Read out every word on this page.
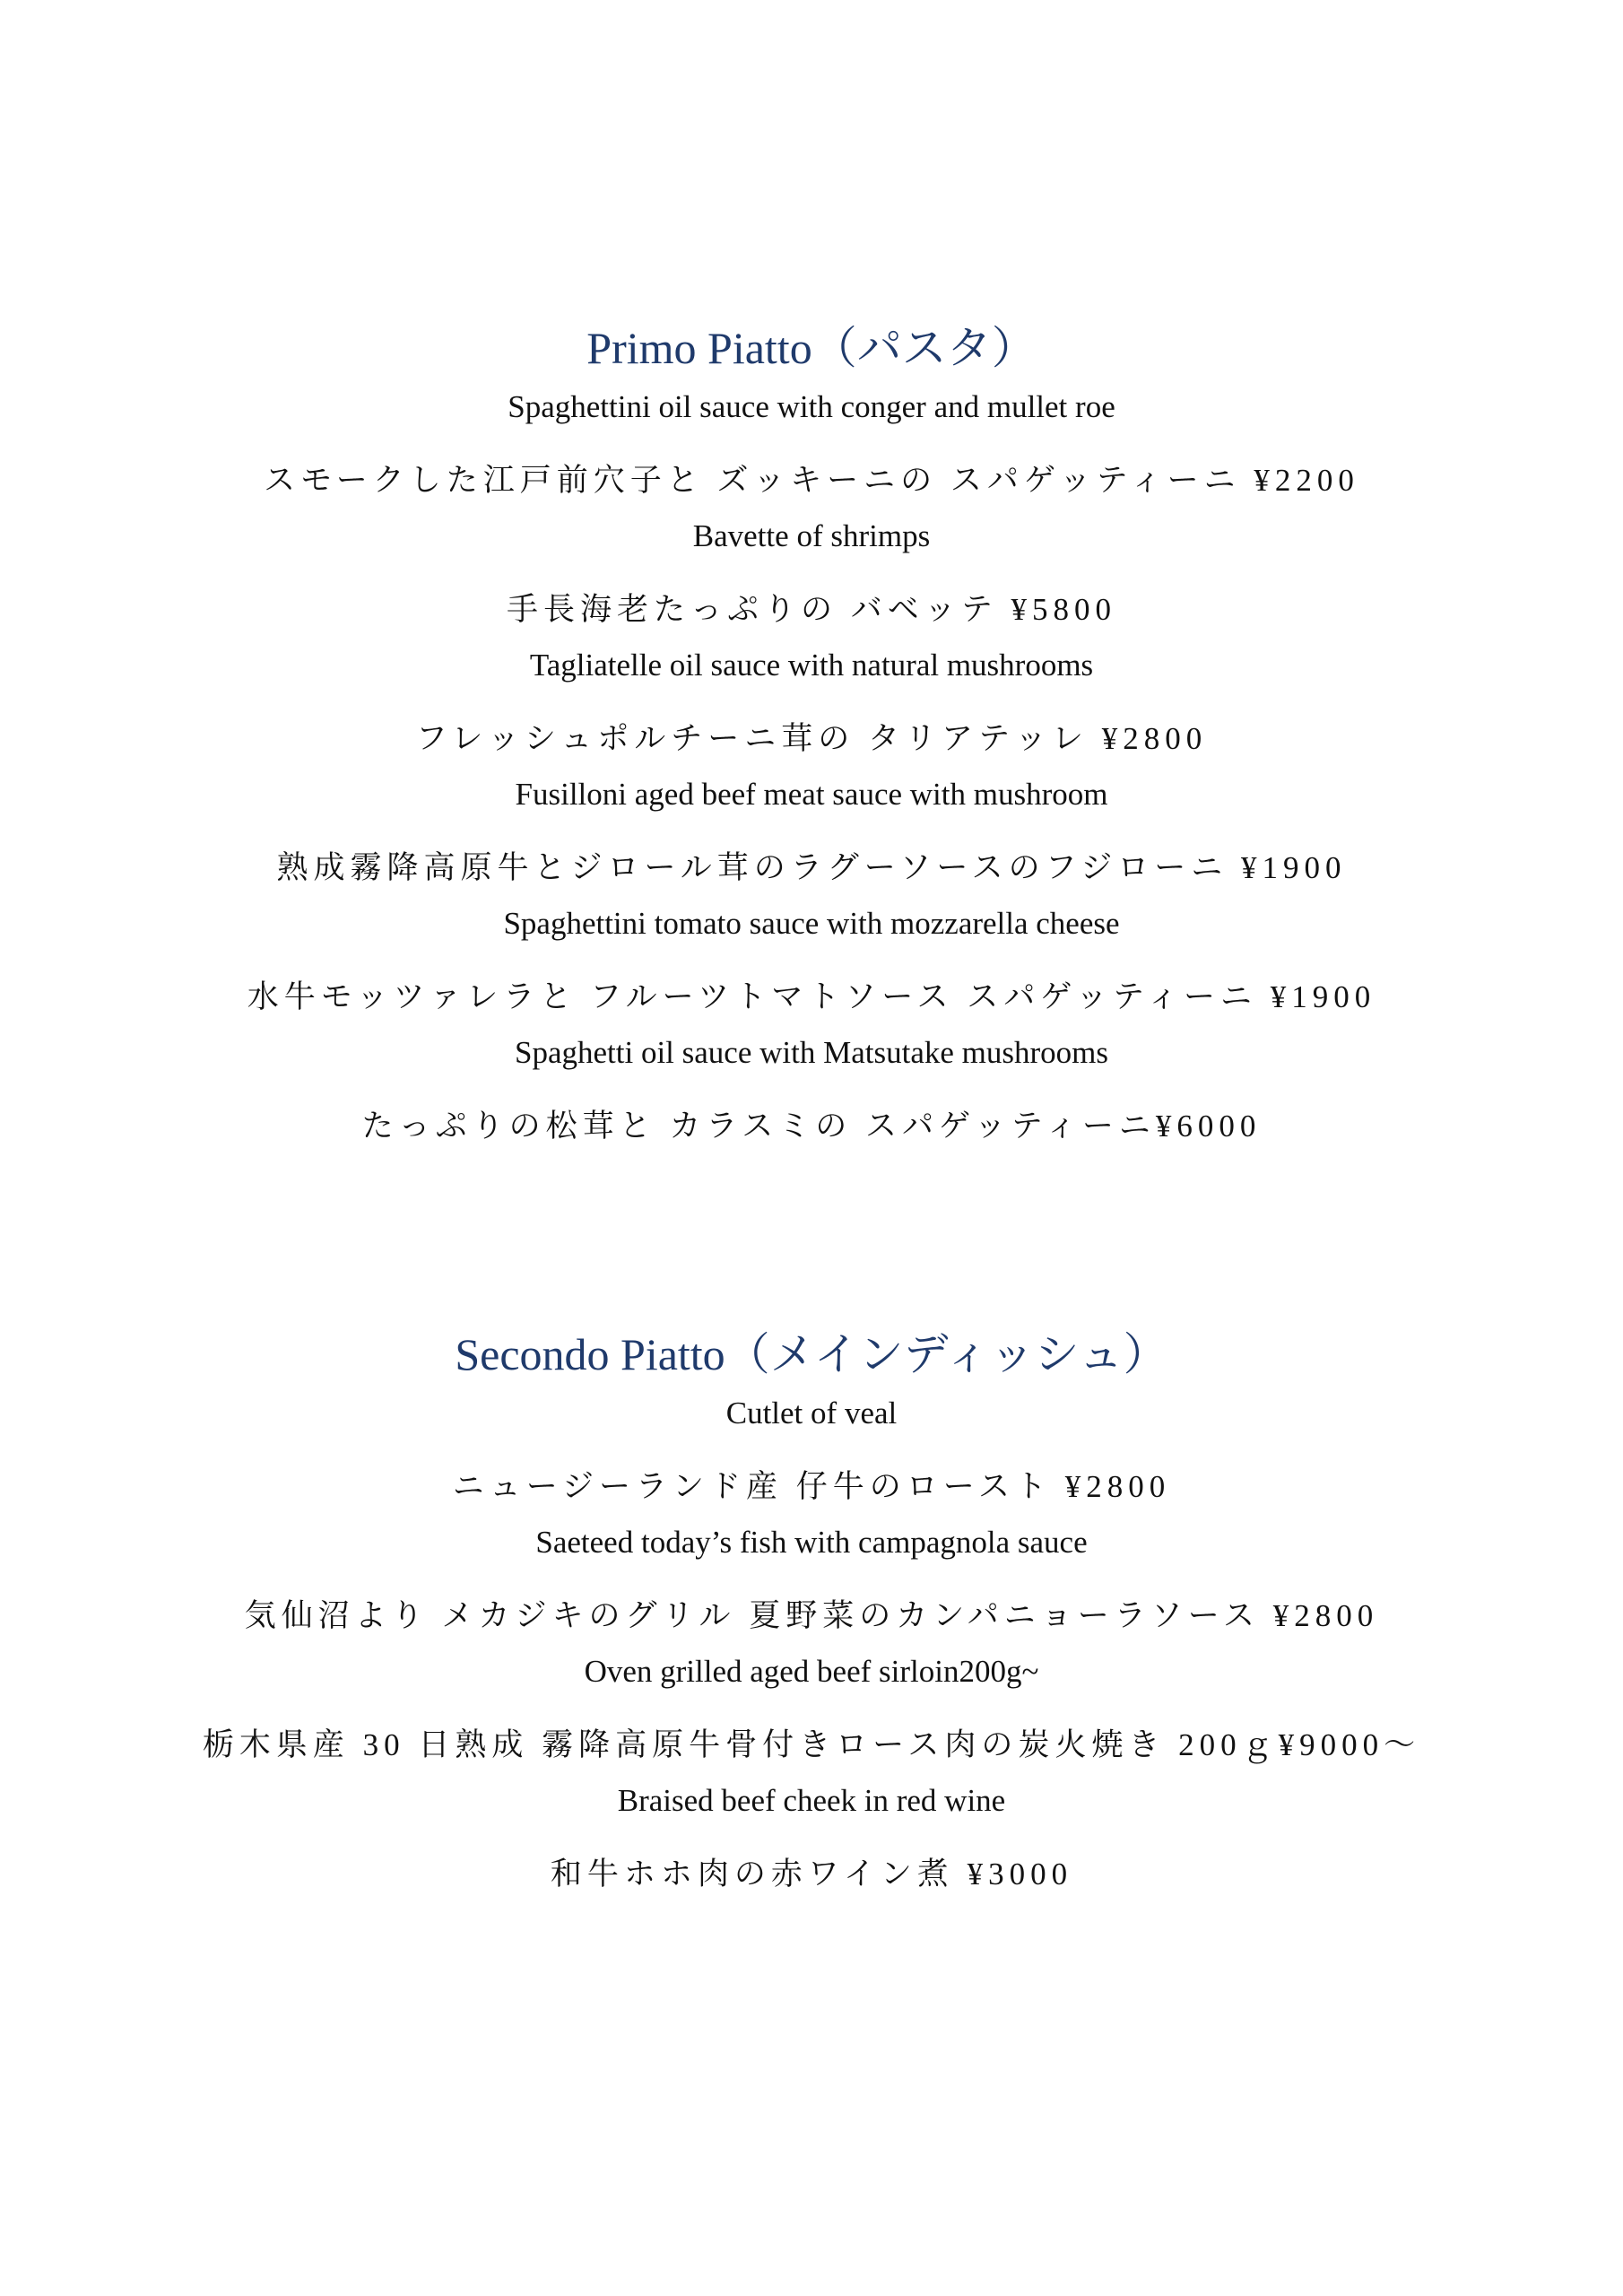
Primo Piatto（パスタ）

Spaghettini oil sauce with conger and mullet roe

スモークした江戸前穴子と ズッキーニの スパゲッティーニ ¥2200

Bavette of shrimps

手長海老たっぷりの バベッテ ¥5800

Tagliatelle oil sauce with natural mushrooms

フレッシュポルチーニ茸の タリアテッレ ¥2800

Fusilloni aged beef meat sauce with mushroom

熟成霧降高原牛とジロール茸のラグーソースのフジローニ ¥1900

Spaghettini tomato sauce with mozzarella cheese

水牛モッツァレラと フルーツトマトソース スパゲッティーニ ¥1900

Spaghetti oil sauce with Matsutake mushrooms

たっぷりの松茸と カラスミの スパゲッティーニ¥6000

Secondo Piatto（メインディッシュ）

Cutlet of veal

ニュージーランド産 仔牛のロースト ¥2800

Saeteed today’s fish with campagnola sauce

気仙沼より メカジキのグリル 夏野菜のカンパニョーラソース ¥2800

Oven grilled aged beef sirloin200g~

栃木県産 30 日熟成 霧降高原牛骨付きロース肉の炭火焼き 200ｇ¥9000～

Braised beef cheek in red wine

和牛ホホ肉の赤ワイン煮 ¥3000
